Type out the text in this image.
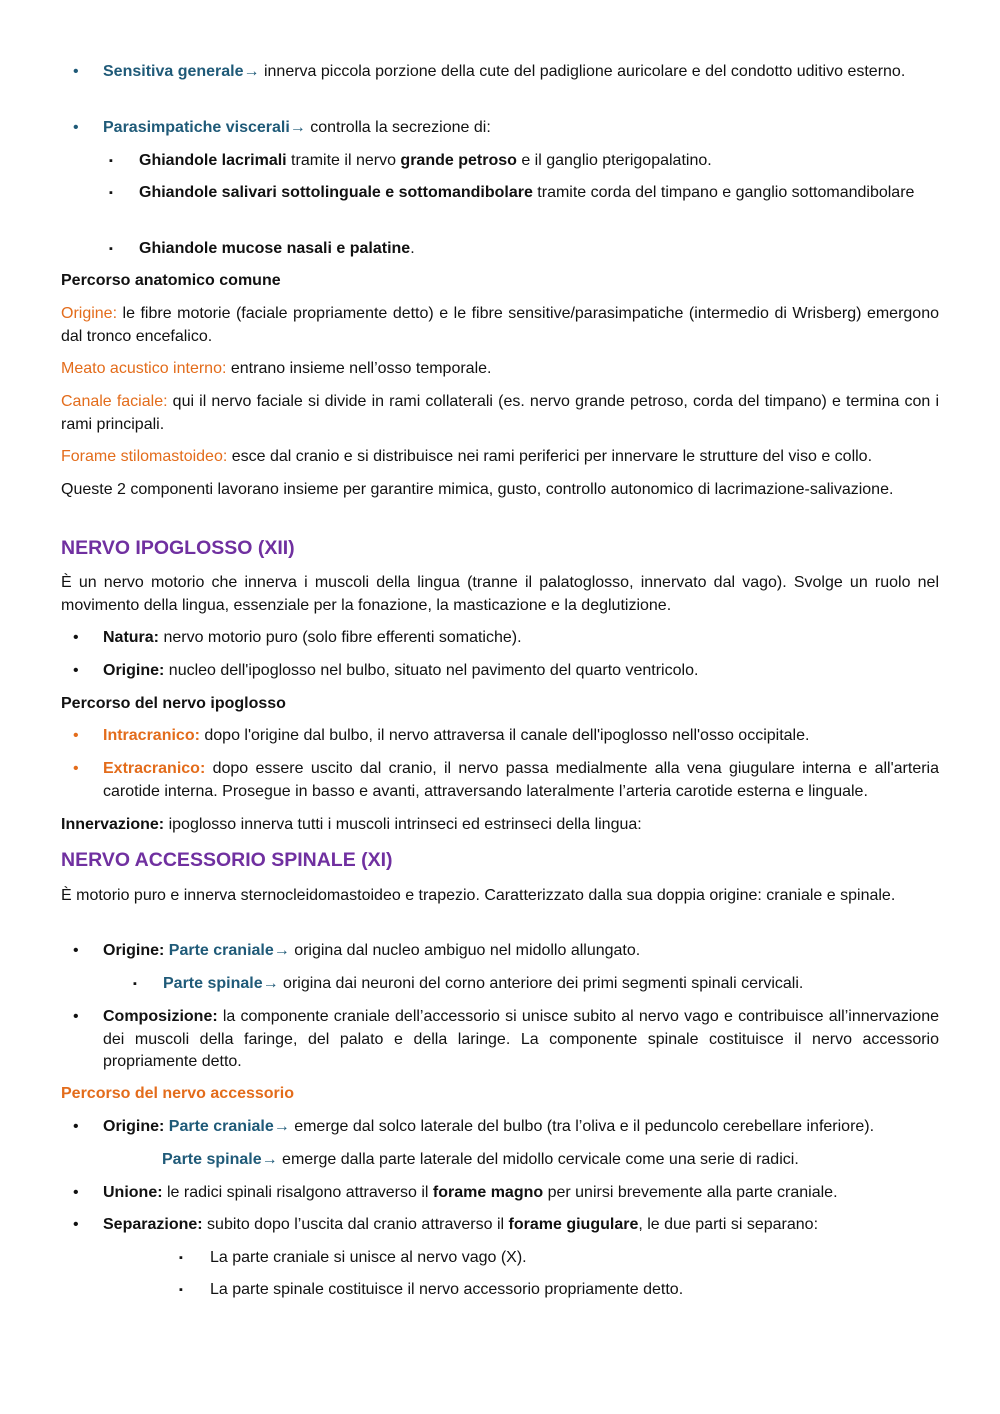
• Sensitiva generale→ innerva piccola porzione della cute del padiglione auricolare e del condotto uditivo esterno.
• Parasimpatiche viscerali→ controlla la secrezione di:
▪ Ghiandole lacrimali tramite il nervo grande petroso e il ganglio pterigopalatino.
▪ Ghiandole salivari sottolinguale e sottomandibolare tramite corda del timpano e ganglio sottomandibolare
▪ Ghiandole mucose nasali e palatine.

Percorso anatomico comune

Origine: le fibre motorie (faciale propriamente detto) e le fibre sensitive/parasimpatiche (intermedio di Wrisberg) emergono dal tronco encefalico.

Meato acustico interno: entrano insieme nell’osso temporale.

Canale faciale: qui il nervo faciale si divide in rami collaterali (es. nervo grande petroso, corda del timpano) e termina con i rami principali.

Forame stilomastoideo: esce dal cranio e si distribuisce nei rami periferici per innervare le strutture del viso e collo.

Queste 2 componenti lavorano insieme per garantire mimica, gusto, controllo autonomico di lacrimazione-salivazione.

NERVO IPOGLOSSO (XII)

È un nervo motorio che innerva i muscoli della lingua (tranne il palatoglosso, innervato dal vago). Svolge un ruolo nel movimento della lingua, essenziale per la fonazione, la masticazione e la deglutizione.

• Natura: nervo motorio puro (solo fibre efferenti somatiche).
• Origine: nucleo dell'ipoglosso nel bulbo, situato nel pavimento del quarto ventricolo.

Percorso del nervo ipoglosso

• Intracranico: dopo l'origine dal bulbo, il nervo attraversa il canale dell'ipoglosso nell'osso occipitale.
• Extracranico: dopo essere uscito dal cranio, il nervo passa medialmente alla vena giugulare interna e all'arteria carotide interna. Prosegue in basso e avanti, attraversando lateralmente l’arteria carotide esterna e linguale.

Innervazione: ipoglosso innerva tutti i muscoli intrinseci ed estrinseci della lingua:

NERVO ACCESSORIO SPINALE (XI)

È motorio puro e innerva sternocleidomastoideo e trapezio. Caratterizzato dalla sua doppia origine: craniale e spinale.

• Origine: Parte craniale→ origina dal nucleo ambiguo nel midollo allungato.
▪ Parte spinale→ origina dai neuroni del corno anteriore dei primi segmenti spinali cervicali.
• Composizione: la componente craniale dell’accessorio si unisce subito al nervo vago e contribuisce all’innervazione dei muscoli della faringe, del palato e della laringe. La componente spinale costituisce il nervo accessorio propriamente detto.

Percorso del nervo accessorio

• Origine: Parte craniale→ emerge dal solco laterale del bulbo (tra l’oliva e il peduncolo cerebellare inferiore).

Parte spinale→ emerge dalla parte laterale del midollo cervicale come una serie di radici.

• Unione: le radici spinali risalgono attraverso il forame magno per unirsi brevemente alla parte craniale.
• Separazione: subito dopo l’uscita dal cranio attraverso il forame giugulare, le due parti si separano:
▪ La parte craniale si unisce al nervo vago (X).
▪ La parte spinale costituisce il nervo accessorio propriamente detto.
